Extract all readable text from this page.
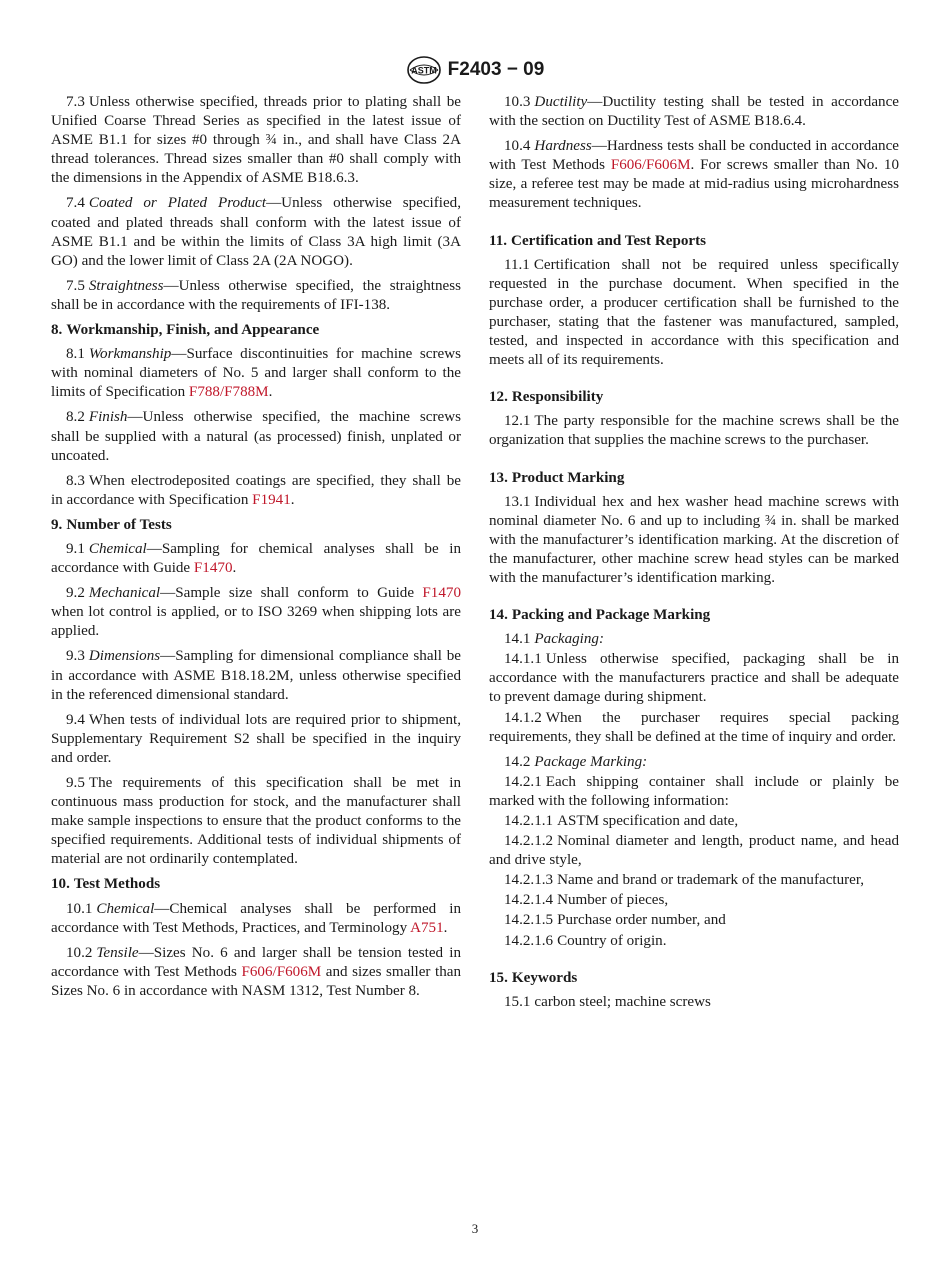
ASTM F2403 − 09

7.3 Unless otherwise specified, threads prior to plating shall be Unified Coarse Thread Series as specified in the latest issue of ASME B1.1 for sizes #0 through ¾ in., and shall have Class 2A thread tolerances. Thread sizes smaller than #0 shall comply with the dimensions in the Appendix of ASME B18.6.3.

7.4 Coated or Plated Product—Unless otherwise specified, coated and plated threads shall conform with the latest issue of ASME B1.1 and be within the limits of Class 3A high limit (3A GO) and the lower limit of Class 2A (2A NOGO).

7.5 Straightness—Unless otherwise specified, the straightness shall be in accordance with the requirements of IFI-138.

8. Workmanship, Finish, and Appearance

8.1 Workmanship—Surface discontinuities for machine screws with nominal diameters of No. 5 and larger shall conform to the limits of Specification F788/F788M.

8.2 Finish—Unless otherwise specified, the machine screws shall be supplied with a natural (as processed) finish, unplated or uncoated.

8.3 When electrodeposited coatings are specified, they shall be in accordance with Specification F1941.

9. Number of Tests

9.1 Chemical—Sampling for chemical analyses shall be in accordance with Guide F1470.

9.2 Mechanical—Sample size shall conform to Guide F1470 when lot control is applied, or to ISO 3269 when shipping lots are applied.

9.3 Dimensions—Sampling for dimensional compliance shall be in accordance with ASME B18.18.2M, unless otherwise specified in the referenced dimensional standard.

9.4 When tests of individual lots are required prior to shipment, Supplementary Requirement S2 shall be specified in the inquiry and order.

9.5 The requirements of this specification shall be met in continuous mass production for stock, and the manufacturer shall make sample inspections to ensure that the product conforms to the specified requirements. Additional tests of individual shipments of material are not ordinarily contemplated.

10. Test Methods

10.1 Chemical—Chemical analyses shall be performed in accordance with Test Methods, Practices, and Terminology A751.

10.2 Tensile—Sizes No. 6 and larger shall be tension tested in accordance with Test Methods F606/F606M and sizes smaller than Sizes No. 6 in accordance with NASM 1312, Test Number 8.

10.3 Ductility—Ductility testing shall be tested in accordance with the section on Ductility Test of ASME B18.6.4.

10.4 Hardness—Hardness tests shall be conducted in accordance with Test Methods F606/F606M. For screws smaller than No. 10 size, a referee test may be made at mid-radius using microhardness measurement techniques.

11. Certification and Test Reports

11.1 Certification shall not be required unless specifically requested in the purchase document. When specified in the purchase order, a producer certification shall be furnished to the purchaser, stating that the fastener was manufactured, sampled, tested, and inspected in accordance with this specification and meets all of its requirements.

12. Responsibility

12.1 The party responsible for the machine screws shall be the organization that supplies the machine screws to the purchaser.

13. Product Marking

13.1 Individual hex and hex washer head machine screws with nominal diameter No. 6 and up to including ¾ in. shall be marked with the manufacturer’s identification marking. At the discretion of the manufacturer, other machine screw head styles can be marked with the manufacturer’s identification marking.

14. Packing and Package Marking

14.1 Packaging:

14.1.1 Unless otherwise specified, packaging shall be in accordance with the manufacturers practice and shall be adequate to prevent damage during shipment.

14.1.2 When the purchaser requires special packing requirements, they shall be defined at the time of inquiry and order.

14.2 Package Marking:

14.2.1 Each shipping container shall include or plainly be marked with the following information:

14.2.1.1 ASTM specification and date,

14.2.1.2 Nominal diameter and length, product name, and head and drive style,

14.2.1.3 Name and brand or trademark of the manufacturer,

14.2.1.4 Number of pieces,

14.2.1.5 Purchase order number, and

14.2.1.6 Country of origin.

15. Keywords

15.1 carbon steel; machine screws

3
